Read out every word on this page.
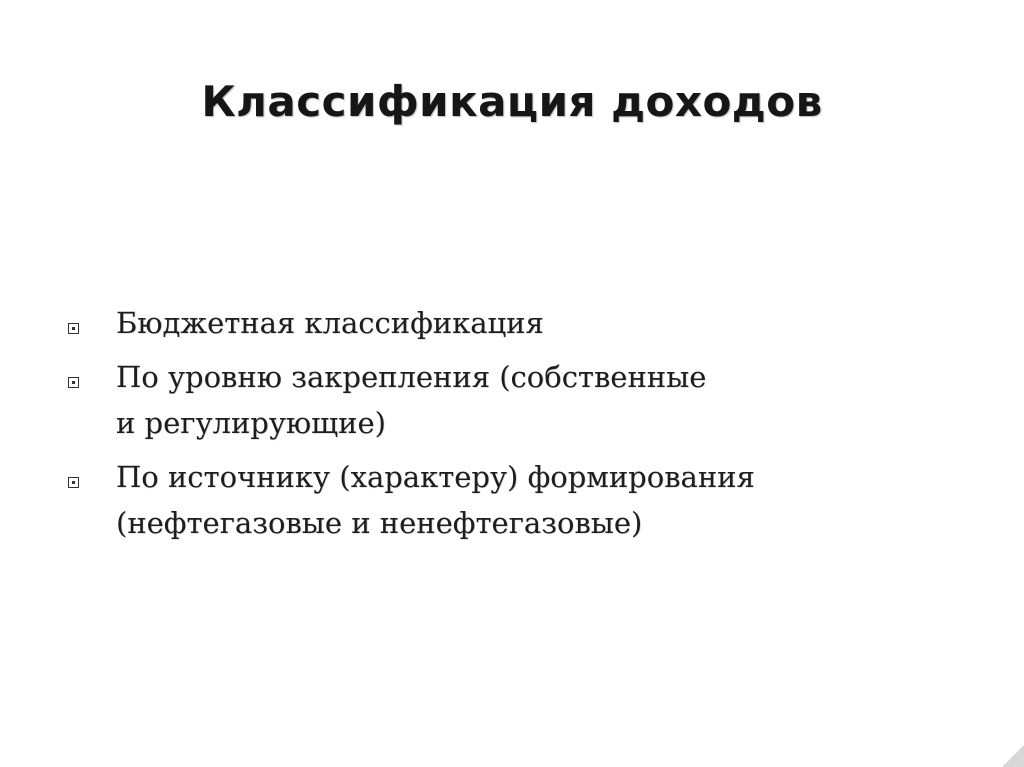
Классификация доходов
Бюджетная классификация
По уровню закрепления (собственные
и регулирующие)
По источнику (характеру) формирования
(нефтегазовые и ненефтегазовые)
